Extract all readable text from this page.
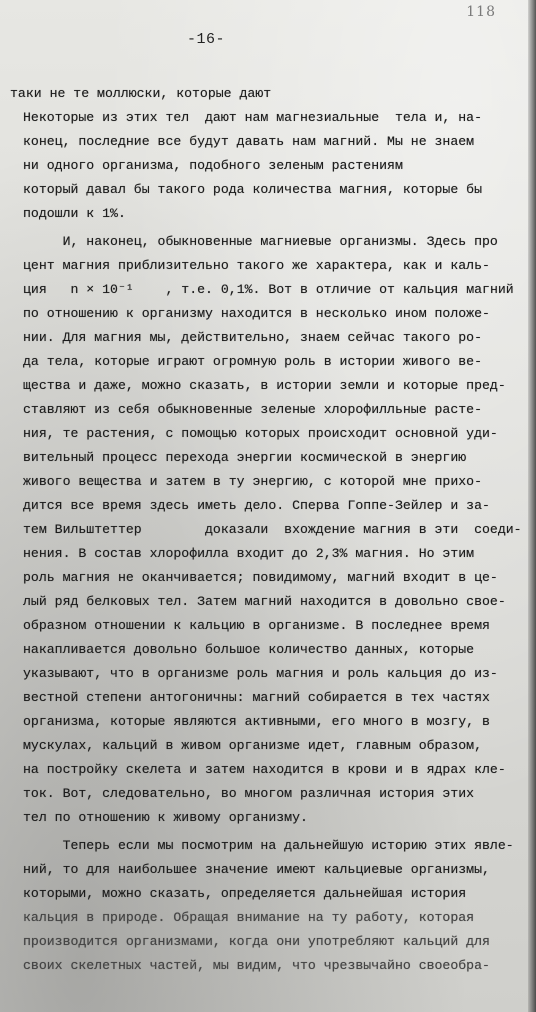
118
-16-
таки не те моллюски, которые дают
Некоторые из этих тел  дают нам магнезиальные  тела и, на-
конец, последние все будут давать нам магний. Мы не знаем
ни одного организма, подобного зеленым растениям
который давал бы такого рода количества магния, которые бы
подошли к 1%.
И, наконец, обыкновенные магниевые организмы. Здесь про
цент магния приблизительно такого же характера, как и каль-
ция   n × 10⁻¹    , т.е. 0,1%. Вот в отличие от кальция магний
по отношению к организму находится в несколько ином положе-
нии. Для магния мы, действительно, знаем сейчас такого ро-
да тела, которые играют огромную роль в истории живого ве-
щества и даже, можно сказать, в истории земли и которые пред-
ставляют из себя обыкновенные зеленые хлорофилльные расте-
ния, те растения, с помощью которых происходит основной уди-
вительный процесс перехода энергии космической в энергию
живого вещества и затем в ту энергию, с которой мне прихо-
дится все время здесь иметь дело. Сперва Гоппе-Зейлер и за-
тем Вильштеттер        доказали  вхождение магния в эти  соеди-
нения. В состав хлорофилла входит до 2,3% магния. Но этим
роль магния не оканчивается; повидимому, магний входит в це-
лый ряд белковых тел. Затем магний находится в довольно свое-
образном отношении к кальцию в организме. В последнее время
накапливается довольно большое количество данных, которые
указывают, что в организме роль магния и роль кальция до из-
вестной степени антогоничны: магний собирается в тех частях
организма, которые являются активными, его много в мозгу, в
мускулах, кальций в живом организме идет, главным образом,
на постройку скелета и затем находится в крови и в ядрах кле-
ток. Вот, следовательно, во многом различная история этих
тел по отношению к живому организму.
Теперь если мы посмотрим на дальнейшую историю этих явле-
ний, то для наибольшее значение имеют кальциевые организмы,
которыми, можно сказать, определяется дальнейшая история
кальция в природе. Обращая внимание на ту работу, которая
производится организмами, когда они употребляют кальций для
своих скелетных частей, мы видим, что чрезвычайно своеобра-
